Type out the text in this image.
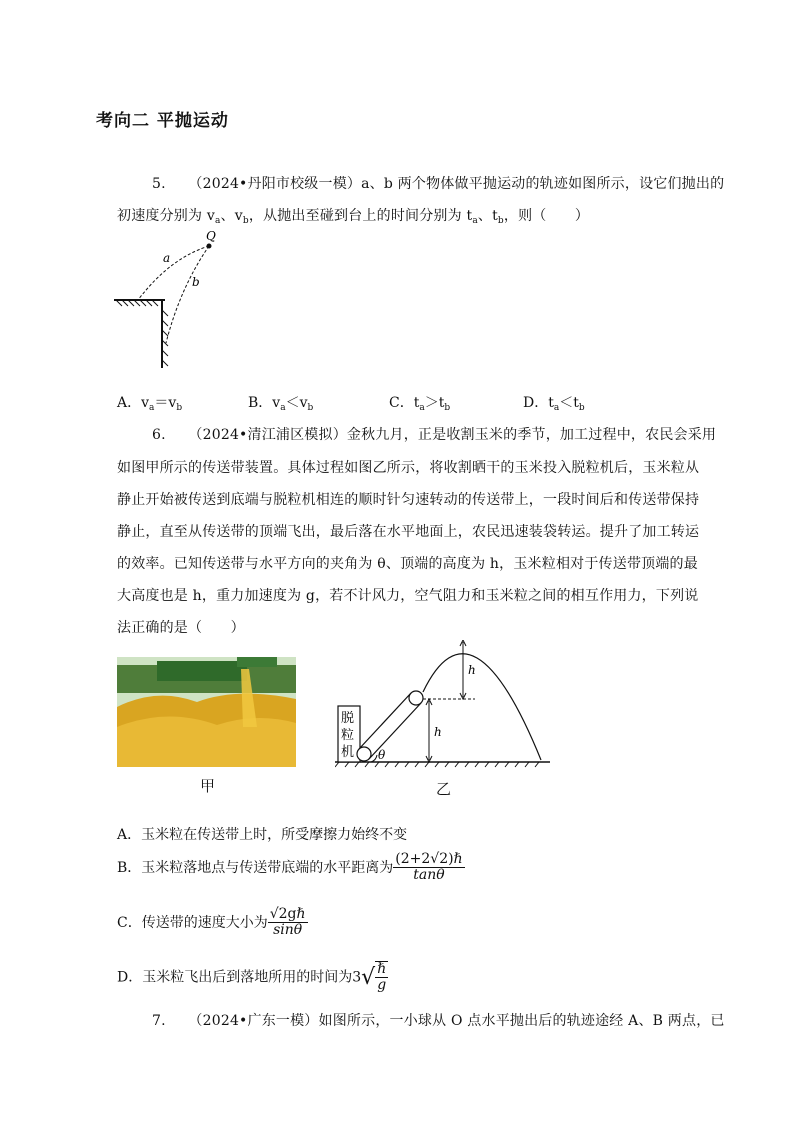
考向二 平抛运动
5. （2024•丹阳市校级一模）a、b 两个物体做平抛运动的轨迹如图所示，设它们抛出的
初速度分别为 $v_a$、$v_b$，从抛出至碰到台上的时间分别为 $t_a$、$t_b$，则（　　）
Q
a
b
A．$v_a=v_b$	B．$v_a<v_b$	C．$t_a>t_b$	D．$t_a<t_b$
6. （2024•清江浦区模拟）金秋九月，正是收割玉米的季节，加工过程中，农民会采用
如图甲所示的传送带装置。具体过程如图乙所示，将收割晒干的玉米投入脱粒机后，玉米粒从
静止开始被传送到底端与脱粒机相连的顺时针匀速转动的传送带上，一段时间后和传送带保持
静止，直至从传送带的顶端飞出，最后落在水平地面上，农民迅速装袋转运。提升了加工转运
的效率。已知传送带与水平方向的夹角为 θ、顶端的高度为 h，玉米粒相对于传送带顶端的最
大高度也是 h，重力加速度为 g，若不计风力，空气阻力和玉米粒之间的相互作用力，下列说
法正确的是（　　）
甲
脱
粒
机 θ
h
h
乙
A．玉米粒在传送带上时，所受摩擦力始终不变
B．玉米粒落地点与传送带底端的水平距离为 $\frac{\text{(2+2√2)ℏ}}{\tan\theta}$
C．传送带的速度大小为 $\frac{\text{√2gℏ}}{\sin\theta}$
D．玉米粒飞出后到落地所用的时间为$3√ \frac{\text{ℏ}}{g}$
7. （2024•广东一模）如图所示，一小球从 O 点水平抛出后的轨迹途经 A、B 两点，已
